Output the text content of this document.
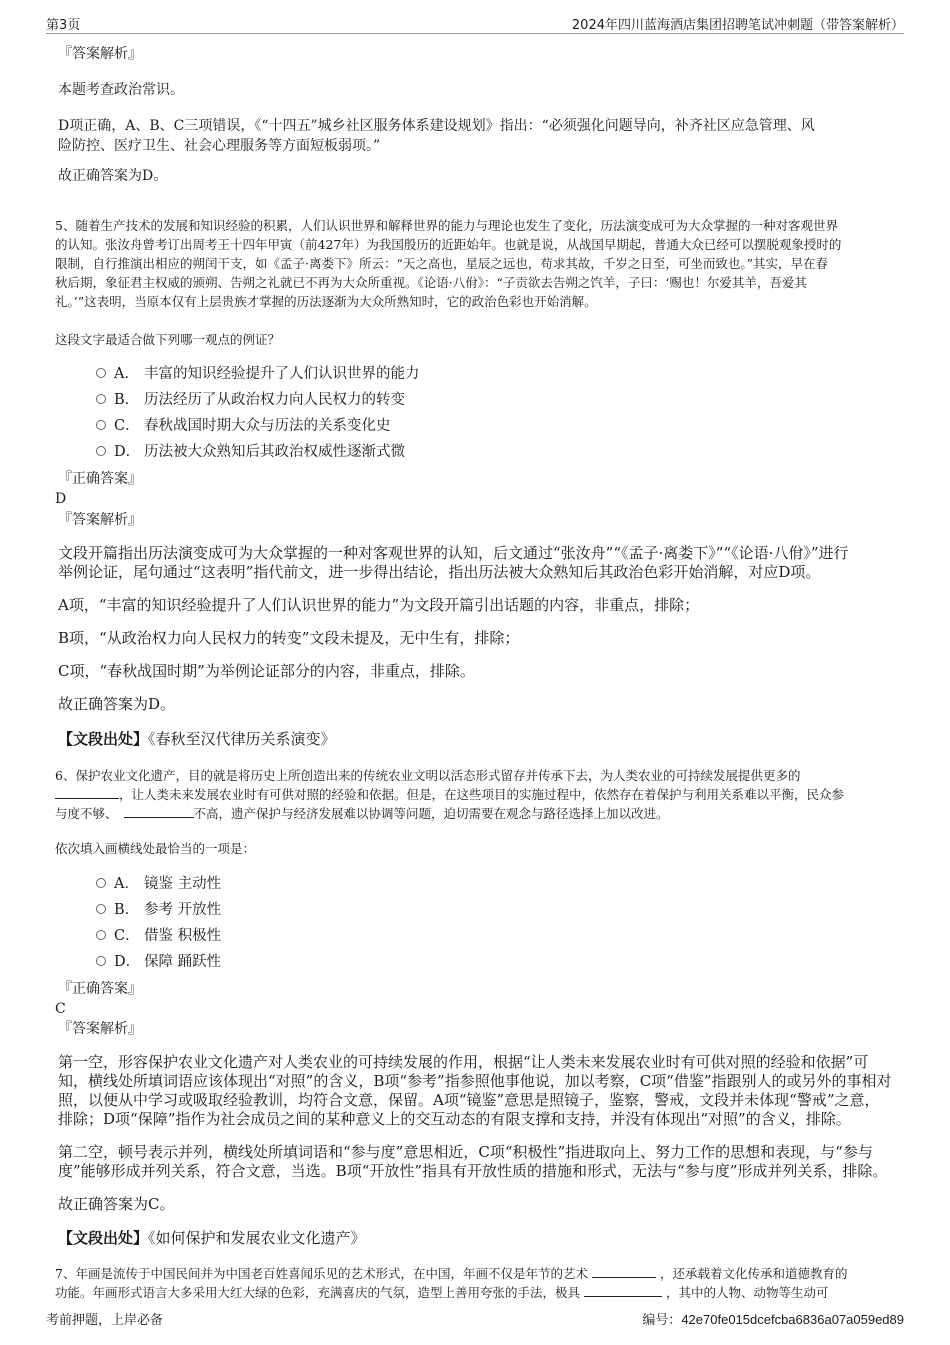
第3页	2024年四川蓝海酒店集团招聘笔试冲刺题（带答案解析）
『答案解析』
本题考查政治常识。
D项正确，A、B、C三项错误，《“十四五”城乡社区服务体系建设规划》指出：“必须强化问题导向，补齐社区应急管理、风
险防控、医疗卫生、社会心理服务等方面短板弱项。”
故正确答案为D。
5、随着生产技术的发展和知识经验的积累，人们认识世界和解释世界的能力与理论也发生了变化，历法演变成可为大众掌握的一种对客观世界
的认知。张汝舟曾考订出周考王十四年甲寅（前427年）为我国殷历的近距始年。也就是说，从战国早期起，普通大众已经可以摆脱观象授时的
限制，自行推演出相应的朔闰干支，如《孟子·离娄下》所云：“天之高也，星辰之远也，苟求其故，千岁之日至，可坐而致也。”其实，早在春
秋后期，象征君主权威的颁朔、告朔之礼就已不再为大众所重视。《论语·八佾》：“子贡欲去告朔之饩羊，子曰：‘赐也！尔爱其羊，吾爱其
礼。’”这表明，当原本仅有上层贵族才掌握的历法逐渐为大众所熟知时，它的政治色彩也开始消解。
这段文字最适合做下列哪一观点的例证？
A． 丰富的知识经验提升了人们认识世界的能力
B． 历法经历了从政治权力向人民权力的转变
C． 春秋战国时期大众与历法的关系变化史
D． 历法被大众熟知后其政治权威性逐渐式微
『正确答案』
D
『答案解析』
文段开篇指出历法演变成可为大众掌握的一种对客观世界的认知，后文通过“张汝舟”“《孟子·离娄下》”“《论语·八佾》”进行
举例论证，尾句通过“这表明”指代前文，进一步得出结论，指出历法被大众熟知后其政治色彩开始消解，对应D项。
A项，“丰富的知识经验提升了人们认识世界的能力”为文段开篇引出话题的内容，非重点，排除；
B项，“从政治权力向人民权力的转变”文段未提及，无中生有，排除；
C项，“春秋战国时期”为举例论证部分的内容，非重点，排除。
故正确答案为D。
【文段出处】《春秋至汉代律历关系演变》
6、保护农业文化遗产，目的就是将历史上所创造出来的传统农业文明以活态形式留存并传承下去，为人类农业的可持续发展提供更多的
，让人类未来发展农业时有可供对照的经验和依据。但是，在这些项目的实施过程中，依然存在着保护与利用关系难以平衡，民众参
与度不够、	不高，遗产保护与经济发展难以协调等问题，迫切需要在观念与路径选择上加以改进。
依次填入画横线处最恰当的一项是：
A． 镜鉴 主动性
B． 参考 开放性
C． 借鉴 积极性
D． 保障 踊跃性
『正确答案』
C
『答案解析』
第一空，形容保护农业文化遗产对人类农业的可持续发展的作用，根据“让人类未来发展农业时有可供对照的经验和依据”可
知，横线处所填词语应该体现出“对照”的含义，B项“参考”指参照他事他说，加以考察，C项“借鉴”指跟别人的或另外的事相对
照，以便从中学习或吸取经验教训，均符合文意，保留。A项“镜鉴”意思是照镜子，鉴察，警戒，文段并未体现“警戒”之意，
排除；D项“保障”指作为社会成员之间的某种意义上的交互动态的有限支撑和支持，并没有体现出“对照”的含义，排除。
第二空，顿号表示并列，横线处所填词语和“参与度”意思相近，C项“积极性”指进取向上、努力工作的思想和表现，与“参与
度”能够形成并列关系，符合文意，当选。B项“开放性”指具有开放性质的措施和形式，无法与“参与度”形成并列关系，排除。
故正确答案为C。
【文段出处】《如何保护和发展农业文化遗产》
7、年画是流传于中国民间并为中国老百姓喜闻乐见的艺术形式，在中国，年画不仅是年节的艺术	，还承载着文化传承和道德教育的
功能。年画形式语言大多采用大红大绿的色彩，充满喜庆的气氛，造型上善用夸张的手法，极具	，其中的人物、动物等生动可
考前押题，上岸必备	编号：42e70fe015dcefcba6836a07a059ed89
